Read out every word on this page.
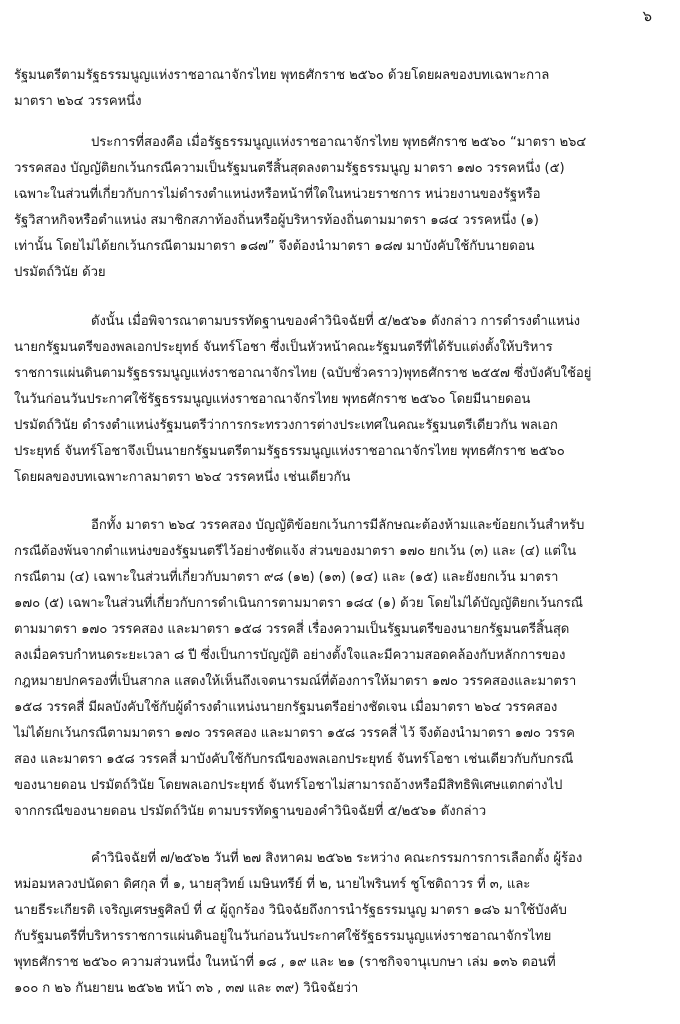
๖
รัฐมนตรีตามรัฐธรรมนูญแห่งราชอาณาจักรไทย พุทธศักราช ๒๕๖๐ ด้วยโดยผลของบทเฉพาะกาล
มาตรา ๒๖๔ วรรคหนึ่ง
ประการที่สองคือ เมื่อรัฐธรรมนูญแห่งราชอาณาจักรไทย พุทธศักราช ๒๕๖๐ “มาตรา ๒๖๔
วรรคสอง บัญญัติยกเว้นกรณีความเป็นรัฐมนตรีสิ้นสุดลงตามรัฐธรรมนูญ มาตรา ๑๗๐ วรรคหนึ่ง (๕)
เฉพาะในส่วนที่เกี่ยวกับการไม่ดำรงตำแหน่งหรือหน้าที่ใดในหน่วยราชการ หน่วยงานของรัฐหรือ
รัฐวิสาหกิจหรือตำแหน่ง สมาชิกสภาท้องถิ่นหรือผู้บริหารท้องถิ่นตามมาตรา ๑๘๔ วรรคหนึ่ง (๑)
เท่านั้น โดยไม่ได้ยกเว้นกรณีตามมาตรา ๑๘๗” จึงต้องนำมาตรา ๑๘๗ มาบังคับใช้กับนายดอน
ปรมัตถ์วินัย ด้วย
ดังนั้น เมื่อพิจารณาตามบรรทัดฐานของคำวินิจฉัยที่ ๕/๒๕๖๑ ดังกล่าว การดำรงตำแหน่ง
นายกรัฐมนตรีของพลเอกประยุทธ์ จันทร์โอชา ซึ่งเป็นหัวหน้าคณะรัฐมนตรีที่ได้รับแต่งตั้งให้บริหาร
ราชการแผ่นดินตามรัฐธรรมนูญแห่งราชอาณาจักรไทย (ฉบับชั่วคราว)พุทธศักราช ๒๕๕๗ ซึ่งบังคับใช้อยู่
ในวันก่อนวันประกาศใช้รัฐธรรมนูญแห่งราชอาณาจักรไทย พุทธศักราช ๒๕๖๐ โดยมีนายดอน
ปรมัตถ์วินัย ดำรงตำแหน่งรัฐมนตรีว่าการกระทรวงการต่างประเทศในคณะรัฐมนตรีเดียวกัน พลเอก
ประยุทธ์ จันทร์โอชาจึงเป็นนายกรัฐมนตรีตามรัฐธรรมนูญแห่งราชอาณาจักรไทย พุทธศักราช ๒๕๖๐
โดยผลของบทเฉพาะกาลมาตรา ๒๖๔ วรรคหนึ่ง เช่นเดียวกัน
อีกทั้ง มาตรา ๒๖๔ วรรคสอง บัญญัติข้อยกเว้นการมีลักษณะต้องห้ามและข้อยกเว้นสำหรับ
กรณีต้องพ้นจากตำแหน่งของรัฐมนตรีไว้อย่างชัดแจ้ง ส่วนของมาตรา ๑๗๐ ยกเว้น (๓) และ (๔) แต่ใน
กรณีตาม (๔) เฉพาะในส่วนที่เกี่ยวกับมาตรา ๙๘ (๑๒) (๑๓) (๑๔) และ (๑๕) และยังยกเว้น มาตรา
๑๗๐ (๕) เฉพาะในส่วนที่เกี่ยวกับการดำเนินการตามมาตรา ๑๘๔ (๑) ด้วย โดยไม่ได้บัญญัติยกเว้นกรณี
ตามมาตรา ๑๗๐ วรรคสอง และมาตรา ๑๕๘ วรรคสี่ เรื่องความเป็นรัฐมนตรีของนายกรัฐมนตรีสิ้นสุด
ลงเมื่อครบกำหนดระยะเวลา ๘ ปี ซึ่งเป็นการบัญญัติ อย่างตั้งใจและมีความสอดคล้องกับหลักการของ
กฎหมายปกครองที่เป็นสากล แสดงให้เห็นถึงเจตนารมณ์ที่ต้องการให้มาตรา ๑๗๐ วรรคสองและมาตรา
๑๕๘ วรรคสี่ มีผลบังคับใช้กับผู้ดำรงตำแหน่งนายกรัฐมนตรีอย่างชัดเจน เมื่อมาตรา ๒๖๔ วรรคสอง
ไม่ได้ยกเว้นกรณีตามมาตรา ๑๗๐ วรรคสอง และมาตรา ๑๕๘ วรรคสี่ ไว้ จึงต้องนำมาตรา ๑๗๐ วรรค
สอง และมาตรา ๑๕๘ วรรคสี่ มาบังคับใช้กับกรณีของพลเอกประยุทธ์ จันทร์โอชา เช่นเดียวกับกับกรณี
ของนายดอน ปรมัตถ์วินัย โดยพลเอกประยุทธ์ จันทร์โอชาไม่สามารถอ้างหรือมีสิทธิพิเศษแตกต่างไป
จากกรณีของนายดอน ปรมัตถ์วินัย ตามบรรทัดฐานของคำวินิจฉัยที่ ๕/๒๕๖๑ ดังกล่าว
คำวินิจฉัยที่ ๗/๒๕๖๒ วันที่ ๒๗ สิงหาคม ๒๕๖๒ ระหว่าง คณะกรรมการการเลือกตั้ง ผู้ร้อง
หม่อมหลวงปนัดดา ดิศกุล ที่ ๑, นายสุวิทย์ เมษินทรีย์ ที่ ๒, นายไพรินทร์ ชูโชติถาวร ที่ ๓, และ
นายธีระเกียรติ เจริญเศรษฐศิลป์ ที่ ๔ ผู้ถูกร้อง วินิจฉัยถึงการนำรัฐธรรมนูญ มาตรา ๑๘๖ มาใช้บังคับ
กับรัฐมนตรีที่บริหารราชการแผ่นดินอยู่ในวันก่อนวันประกาศใช้รัฐธรรมนูญแห่งราชอาณาจักรไทย
พุทธศักราช ๒๕๖๐ ความส่วนหนึ่ง ในหน้าที่ ๑๘ , ๑๙ และ ๒๑ (ราชกิจจานุเบกษา เล่ม ๑๓๖ ตอนที่
๑๐๐ ก ๒๖ กันยายน ๒๕๖๒ หน้า ๓๖ , ๓๗ และ ๓๙) วินิจฉัยว่า
